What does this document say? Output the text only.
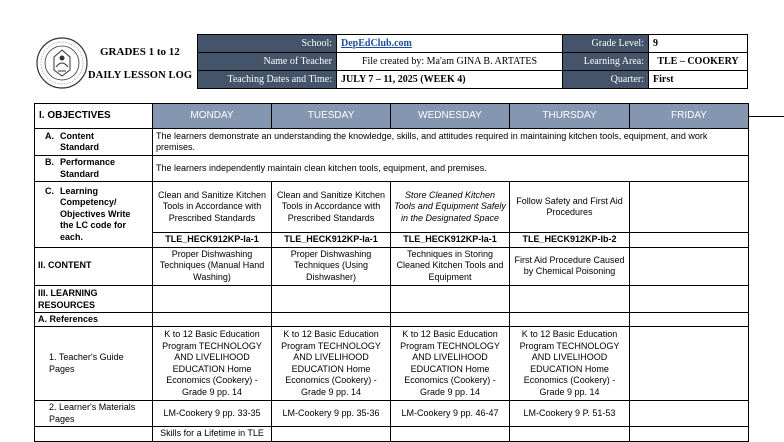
GRADES 1 to 12
DAILY LESSON LOG
School:	DepEdClub.com	Grade Level:	9
Name of Teacher	File created by: Ma'am GINA B. ARTATES	Learning Area:	TLE – COOKERY
Teaching Dates and Time:	JULY 7 – 11, 2025 (WEEK 4)	Quarter:	First
I. OBJECTIVES	MONDAY	TUESDAY	WEDNESDAY	THURSDAY	FRIDAY
A. Content Standard	The learners demonstrate an understanding the knowledge, skills, and attitudes required in maintaining kitchen tools, equipment, and work premises.				
B. Performance Standard	The learners independently maintain clean kitchen tools, equipment, and premises.				
C. Learning Competency/ Objectives Write the LC code for each.	Clean and Sanitize Kitchen Tools in Accordance with Prescribed Standards	Clean and Sanitize Kitchen Tools in Accordance with Prescribed Standards	Store Cleaned Kitchen Tools and Equipment Safely in the Designated Space	Follow Safety and First Aid Procedures	
	TLE_HECK912KP-Ia-1	TLE_HECK912KP-Ia-1	TLE_HECK912KP-Ia-1	TLE_HECK912KP-Ib-2	
II. CONTENT	Proper Dishwashing Techniques (Manual Hand Washing)	Proper Dishwashing Techniques (Using Dishwasher)	Techniques in Storing Cleaned Kitchen Tools and Equipment	First Aid Procedure Caused by Chemical Poisoning	
III. LEARNING RESOURCES					
A. References					
1. Teacher's Guide Pages	K to 12 Basic Education Program TECHNOLOGY AND LIVELIHOOD EDUCATION Home Economics (Cookery) - Grade 9 pp. 14	K to 12 Basic Education Program TECHNOLOGY AND LIVELIHOOD EDUCATION Home Economics (Cookery) - Grade 9 pp. 14	K to 12 Basic Education Program TECHNOLOGY AND LIVELIHOOD EDUCATION Home Economics (Cookery) - Grade 9 pp. 14	K to 12 Basic Education Program TECHNOLOGY AND LIVELIHOOD EDUCATION Home Economics (Cookery) - Grade 9 pp. 14	
2. Learner's Materials Pages	LM-Cookery 9 pp. 33-35	LM-Cookery 9 pp. 35-36	LM-Cookery 9 pp. 46-47	LM-Cookery 9 P. 51-53	
	Skills for a Lifetime in TLE				
